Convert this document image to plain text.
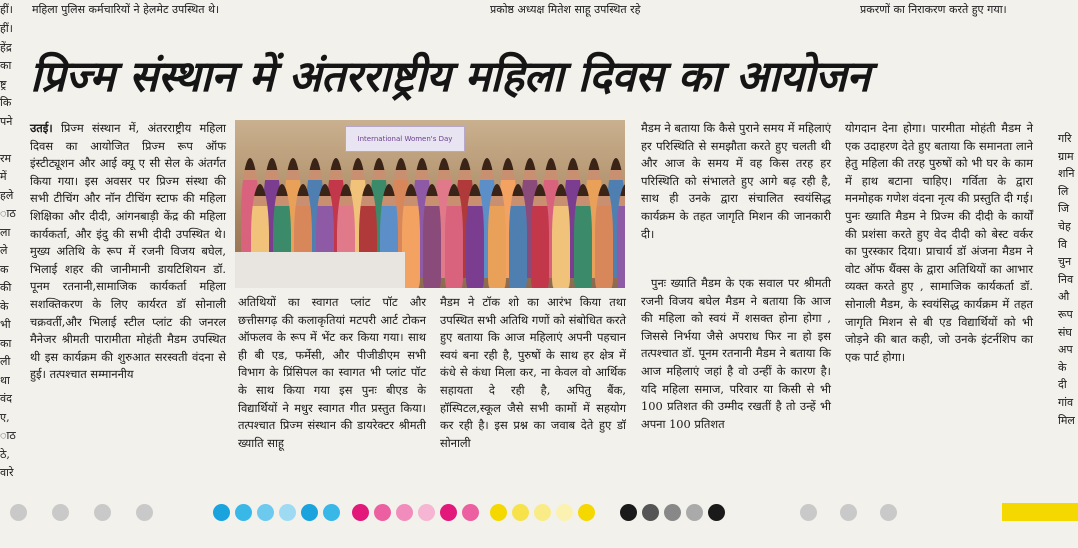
हीं। महिला पुलिस कर्मचारियों ने हेलमेट उपस्थित थे।	प्रकोष्ठ अध्यक्ष मितेश साहू उपस्थित रहे	प्रकरणों का निराकरण करते हुए गया।
हीं।
हेंद्र
का
ष्ट्र
कि
पने
रम
में
हले
ाठ
ला
ले
क
की
के
भी
का
ली
था
वंद
ए,
ाठ
ठे,
वारे
गरि
ग्राम
शनि
लि
जि
चेह
वि
चुन
निव
औ
रूप
संघ
अप
के
दी
गांव
मिल
प्रिज्म संस्थान में अंतरराष्ट्रीय महिला दिवस का आयोजन
उतई। प्रिज्म संस्थान में, अंतरराष्ट्रीय महिला दिवस का आयोजित प्रिज्म रूप ऑफ इंस्टीट्यूशन और आई क्यू ए सी सेल के अंतर्गत किया गया। इस अवसर पर प्रिज्म संस्था की सभी टीचिंग और नॉन टीचिंग स्टाफ की महिला शिक्षिका और दीदी, आंगनबाड़ी केंद्र की महिला कार्यकर्ता, और इंदु की सभी दीदी उपस्थित थे। मुख्य अतिथि के रूप में रजनी विजय बघेल, भिलाई शहर की जानीमानी डायटिशियन डॉ. पूनम रतनानी,सामाजिक कार्यकर्ता महिला सशक्तिकरण के लिए कार्यरत डॉ सोनाली चक्रवर्ती,और भिलाई स्टील प्लांट की जनरल मैनेजर श्रीमती पारामीता मोहंती मैडम उपस्थित थी इस कार्यक्रम की शुरुआत सरस्वती वंदना से हुई। तत्पश्चात सम्माननीय
International Women's Day
अतिथियों का स्वागत प्लांट पॉट और छत्तीसगढ़ की कलाकृतियां मटपरी आर्ट टोकन ऑफलव के रूप में भेंट कर किया गया। साथ ही बी एड, फर्मेसी, और पीजीडीएम सभी विभाग के प्रिंसिपल का स्वागत भी प्लांट पॉट के साथ किया गया इस पुनः बीएड के विद्यार्थियों ने मधुर स्वागत गीत प्रस्तुत किया। तत्पश्चात प्रिज्म संस्थान की डायरेक्टर श्रीमती ख्याति साहू
मैडम ने टॉक शो का आरंभ किया तथा उपस्थित सभी अतिथि गणों को संबोधित करते हुए बताया कि आज महिलाएं अपनी पहचान स्वयं बना रही है, पुरुषों के साथ हर क्षेत्र में कंधे से कंधा मिला कर, ना केवल वो आर्थिक सहायता दे रही है, अपितु बैंक, हॉस्पिटल,स्कूल जैसे सभी कामों में सहयोग कर रही है। इस प्रश्न का जवाब देते हुए डॉ सोनाली
मैडम ने बताया कि कैसे पुराने समय में महिलाएं हर परिस्थिति से समझौता करते हुए चलती थी और आज के समय में वह किस तरह हर परिस्थिति को संभालते हुए आगे बढ़ रही है, साथ ही उनके द्वारा संचालित स्वयंसिद्ध कार्यक्रम के तहत जागृति मिशन की जानकारी दी।
पुनः ख्याति मैडम के एक सवाल पर श्रीमती रजनी विजय बघेल मैडम ने बताया कि आज की महिला को स्वयं में शसक्त होना होगा , जिससे निर्भया जैसे अपराध फिर ना हो इस तत्पश्चात डॉ. पूनम रतनानी मैडम ने बताया कि आज महिलाएं जहां है वो उन्हीं के कारण है। यदि महिला समाज, परिवार या किसी से भी 100 प्रतिशत की उम्मीद रखतीं है तो उन्हें भी अपना 100 प्रतिशत
योगदान देना होगा। पारमीता मोहंती मैडम ने एक उदाहरण देते हुए बताया कि समानता लाने हेतु महिला की तरह पुरुषों को भी घर के काम में हाथ बटाना चाहिए। गर्विता के द्वारा मनमोहक गणेश वंदना नृत्य की प्रस्तुति दी गई। पुनः ख्याति मैडम ने प्रिज्म की दीदी के कार्यों की प्रशंसा करते हुए वेद दीदी को बेस्ट वर्कर का पुरस्कार दिया। प्राचार्य डॉ अंजना मैडम ने वोट ऑफ थैंक्स के द्वारा अतिथियों का आभार व्यक्त करते हुए , सामाजिक कार्यकर्ता डॉ. सोनाली मैडम, के स्वयंसिद्ध कार्यक्रम में तहत जागृति मिशन से बी एड विद्यार्थियों को भी जोड़ने की बात कही, जो उनके इंटर्नशिप का एक पार्ट होगा।
